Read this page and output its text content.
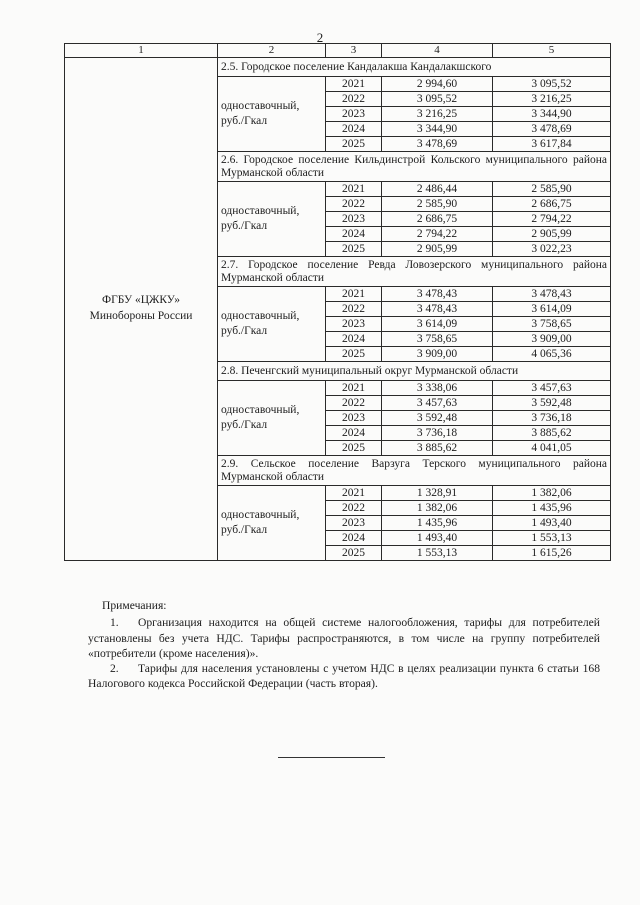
2
1	2	3	4	5
ФГБУ «ЦЖКУ» Минобороны России	2.5. Городское поселение Кандалакша Кандалакшского			
	одноставочный, руб./Гкал	2021	2 994,60	3 095,52
		2022	3 095,52	3 216,25
		2023	3 216,25	3 344,90
		2024	3 344,90	3 478,69
		2025	3 478,69	3 617,84
	2.6. Городское поселение Кильдинстрой Кольского муниципального района Мурманской области			
	одноставочный, руб./Гкал	2021	2 486,44	2 585,90
		2022	2 585,90	2 686,75
		2023	2 686,75	2 794,22
		2024	2 794,22	2 905,99
		2025	2 905,99	3 022,23
	2.7. Городское поселение Ревда Ловозерского муниципального района Мурманской области			
	одноставочный, руб./Гкал	2021	3 478,43	3 478,43
		2022	3 478,43	3 614,09
		2023	3 614,09	3 758,65
		2024	3 758,65	3 909,00
		2025	3 909,00	4 065,36
	2.8. Печенгский муниципальный округ Мурманской области			
	одноставочный, руб./Гкал	2021	3 338,06	3 457,63
		2022	3 457,63	3 592,48
		2023	3 592,48	3 736,18
		2024	3 736,18	3 885,62
		2025	3 885,62	4 041,05
	2.9. Сельское поселение Варзуга Терского муниципального района Мурманской области			
	одноставочный, руб./Гкал	2021	1 328,91	1 382,06
		2022	1 382,06	1 435,96
		2023	1 435,96	1 493,40
		2024	1 493,40	1 553,13
		2025	1 553,13	1 615,26
Примечания:

1. Организация находится на общей системе налогообложения, тарифы для потребителей установлены без учета НДС. Тарифы распространяются, в том числе на группу потребителей «потребители (кроме населения)».

2. Тарифы для населения установлены с учетом НДС в целях реализации пункта 6 статьи 168 Налогового кодекса Российской Федерации (часть вторая).
